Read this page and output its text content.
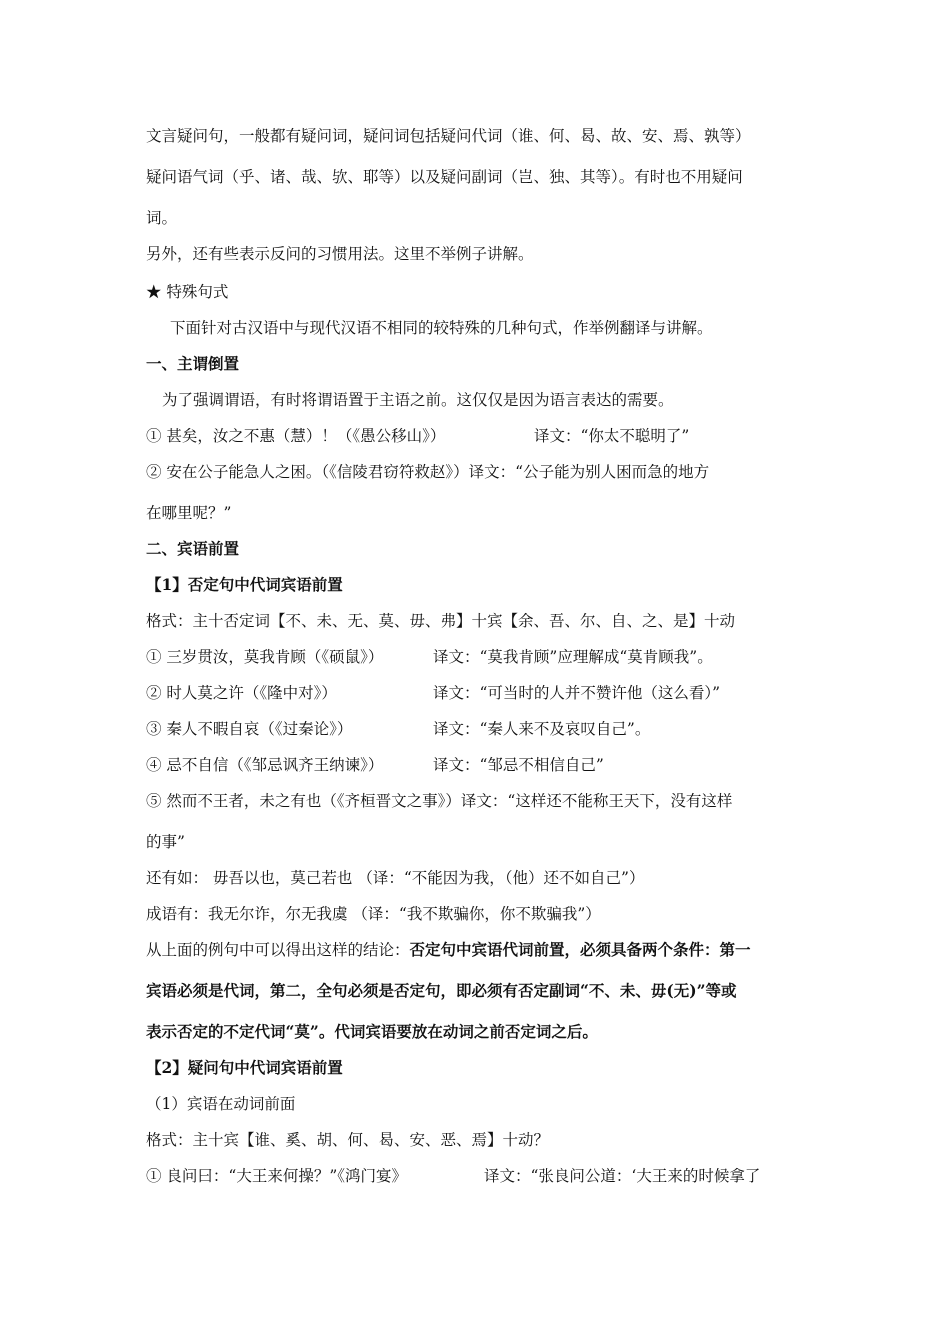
文言疑问句，一般都有疑问词，疑问词包括疑问代词（谁、何、曷、故、安、焉、孰等）
疑问语气词（乎、诸、哉、欤、耶等）以及疑问副词（岂、独、其等）。有时也不用疑问
词。
另外，还有些表示反问的习惯用法。这里不举例子讲解。
★ 特殊句式
下面针对古汉语中与现代汉语不相同的较特殊的几种句式，作举例翻译与讲解。
一、主谓倒置
为了强调谓语，有时将谓语置于主语之前。这仅仅是因为语言表达的需要。
① 甚矣，汝之不惠（慧）！（《愚公移山》）	译文：“你太不聪明了”
② 安在公子能急人之困。（《信陵君窃符救赵》）译文：“公子能为别人困而急的地方
在哪里呢？”
二、宾语前置
【1】否定句中代词宾语前置
格式：主十否定词【不、未、无、莫、毋、弗】十宾【余、吾、尔、自、之、是】十动
① 三岁贯汝，莫我肯顾（《硕鼠》）	译文：“莫我肯顾”应理解成“莫肯顾我”。
② 时人莫之许（《隆中对》）	译文：“可当时的人并不赞许他（这么看）”
③ 秦人不暇自哀（《过秦论》）	译文：“秦人来不及哀叹自己”。
④ 忌不自信（《邹忌讽齐王纳谏》）	译文：“邹忌不相信自己”
⑤ 然而不王者，未之有也（《齐桓晋文之事》）译文：“这样还不能称王天下，没有这样
的事”
还有如： 毋吾以也，莫己若也 （译：“不能因为我，（他）还不如自己”）
成语有：我无尔诈，尔无我虞 （译：“我不欺骗你，你不欺骗我”）
从上面的例句中可以得出这样的结论：否定句中宾语代词前置，必须具备两个条件：第一
宾语必须是代词，第二，全句必须是否定句，即必须有否定副词“不、未、毋(无)”等或
表示否定的不定代词“莫”。代词宾语要放在动词之前否定词之后。
【2】疑问句中代词宾语前置
（1）宾语在动词前面
格式：主十宾【谁、奚、胡、何、曷、安、恶、焉】十动？
① 良问曰：“大王来何操？”《鸿门宴》	译文：“张良问公道：‘大王来的时候拿了
